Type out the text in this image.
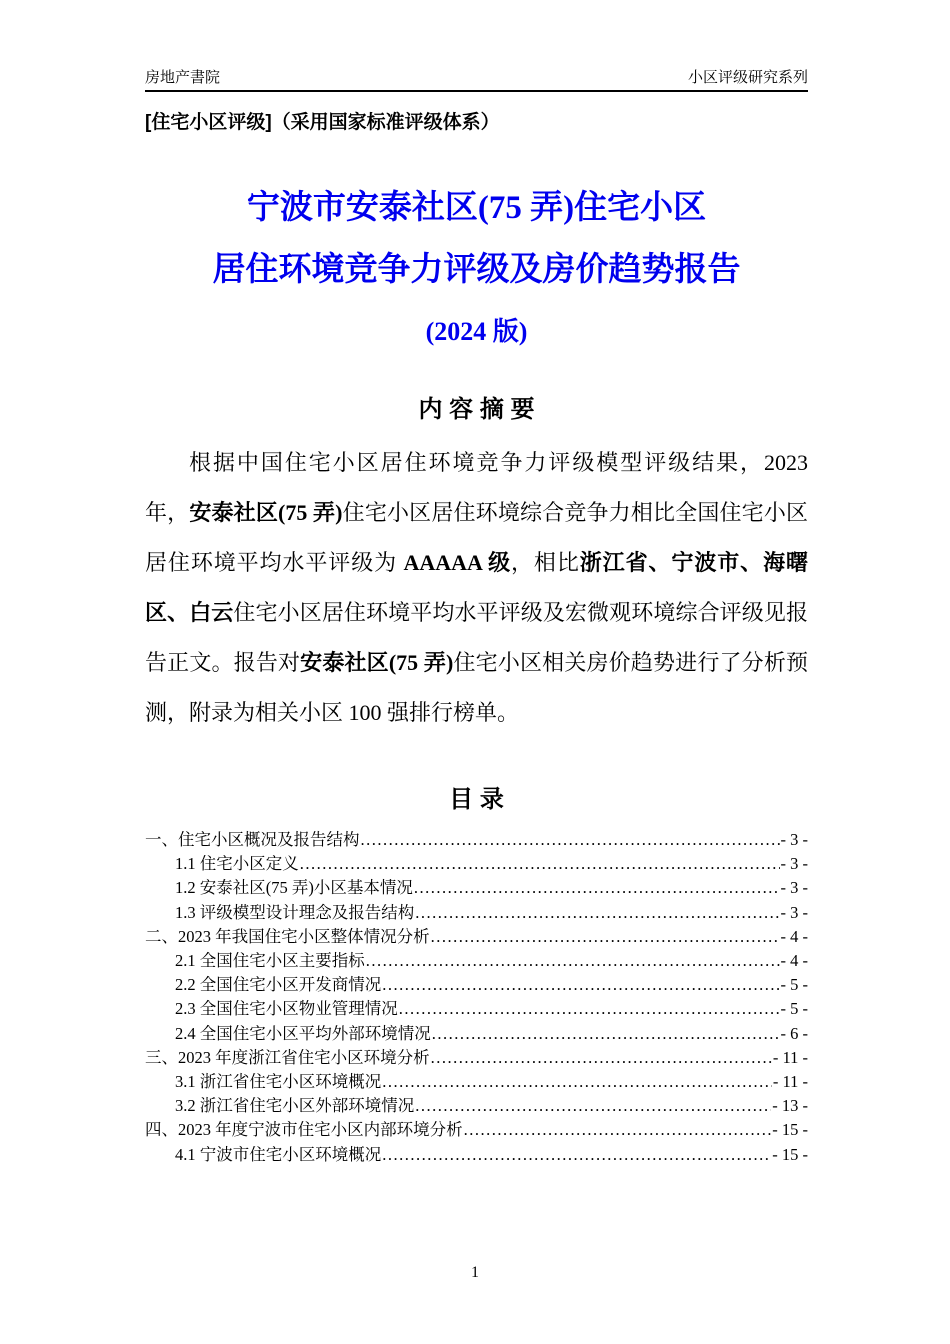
房地产書院	小区评级研究系列
[住宅小区评级]（采用国家标准评级体系）
宁波市安泰社区(75 弄)住宅小区
居住环境竞争力评级及房价趋势报告
(2024 版)
内 容 摘 要

根据中国住宅小区居住环境竞争力评级模型评级结果，2023 年，安泰社区(75 弄)住宅小区居住环境综合竞争力相比全国住宅小区居住环境平均水平评级为 AAAAA 级，相比浙江省、宁波市、海曙区、白云住宅小区居住环境平均水平评级及宏微观环境综合评级见报告正文。报告对安泰社区(75 弄)住宅小区相关房价趋势进行了分析预测，附录为相关小区 100 强排行榜单。

目 录
一、住宅小区概况及报告结构 .....	- 3 -
1.1 住宅小区定义 .....	- 3 -
1.2 安泰社区(75 弄)小区基本情况 .....	- 3 -
1.3 评级模型设计理念及报告结构 .....	- 3 -
二、2023 年我国住宅小区整体情况分析 .....	- 4 -
2.1 全国住宅小区主要指标 .....	- 4 -
2.2 全国住宅小区开发商情况 .....	- 5 -
2.3 全国住宅小区物业管理情况 .....	- 5 -
2.4 全国住宅小区平均外部环境情况 .....	- 6 -
三、2023 年度浙江省住宅小区环境分析 .....	- 11 -
3.1 浙江省住宅小区环境概况 .....	- 11 -
3.2 浙江省住宅小区外部环境情况 .....	- 13 -
四、2023 年度宁波市住宅小区内部环境分析 .....	- 15 -
4.1 宁波市住宅小区环境概况 .....	- 15 -
1
